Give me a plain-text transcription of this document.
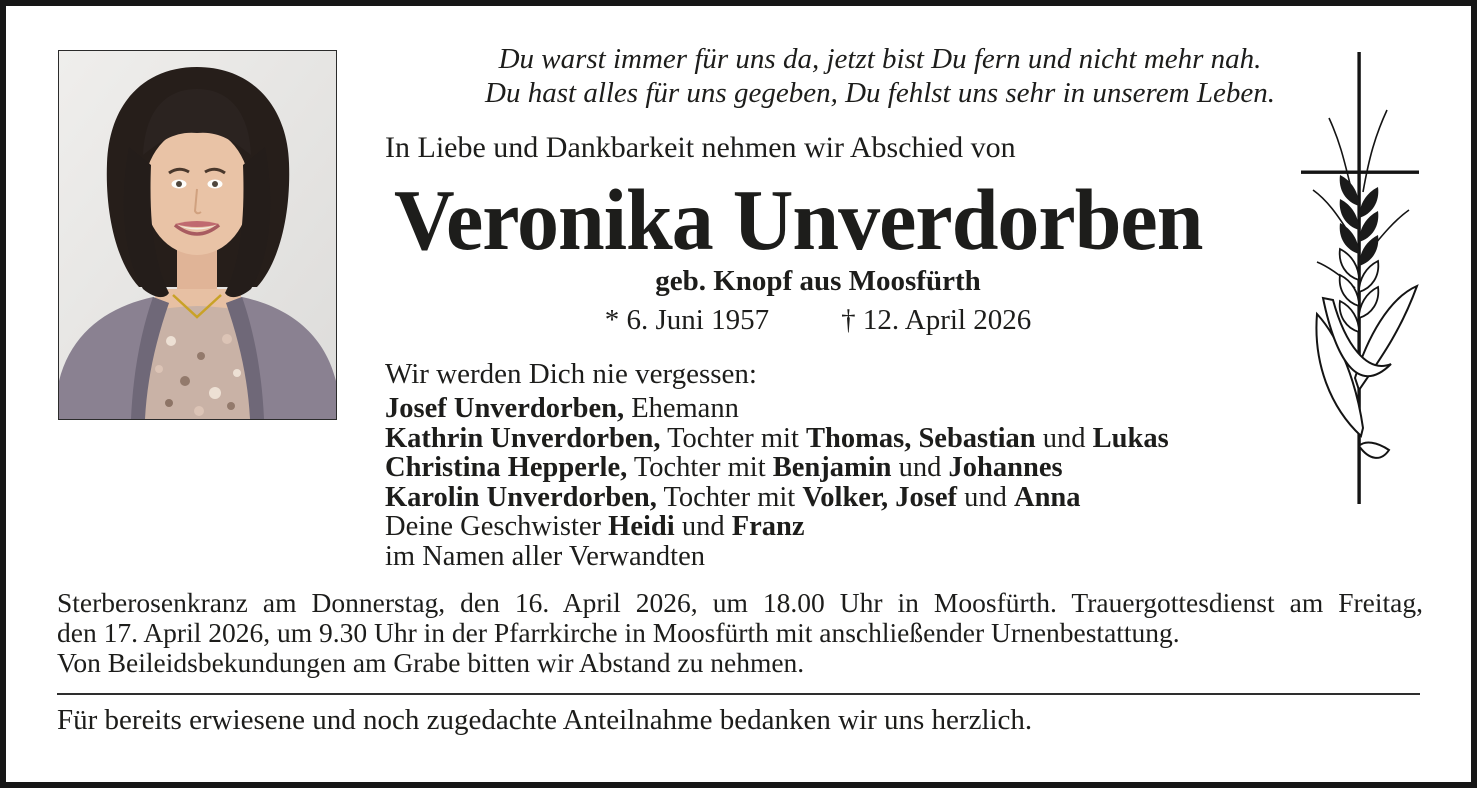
Du warst immer für uns da, jetzt bist Du fern und nicht mehr nah.
Du hast alles für uns gegeben, Du fehlst uns sehr in unserem Leben.
In Liebe und Dankbarkeit nehmen wir Abschied von
Veronika Unverdorben
geb. Knopf aus Moosfürth
* 6. Juni 1957 † 12. April 2026
Wir werden Dich nie vergessen:
Josef Unverdorben, Ehemann
Kathrin Unverdorben, Tochter mit Thomas, Sebastian und Lukas
Christina Hepperle, Tochter mit Benjamin und Johannes
Karolin Unverdorben, Tochter mit Volker, Josef und Anna
Deine Geschwister Heidi und Franz
im Namen aller Verwandten
Sterberosenkranz am Donnerstag, den 16. April 2026, um 18.00 Uhr in Moosfürth. Trauergottesdienst am Freitag,
den 17. April 2026, um 9.30 Uhr in der Pfarrkirche in Moosfürth mit anschließender Urnenbestattung.
Von Beileidsbekundungen am Grabe bitten wir Abstand zu nehmen.
Für bereits erwiesene und noch zugedachte Anteilnahme bedanken wir uns herzlich.
